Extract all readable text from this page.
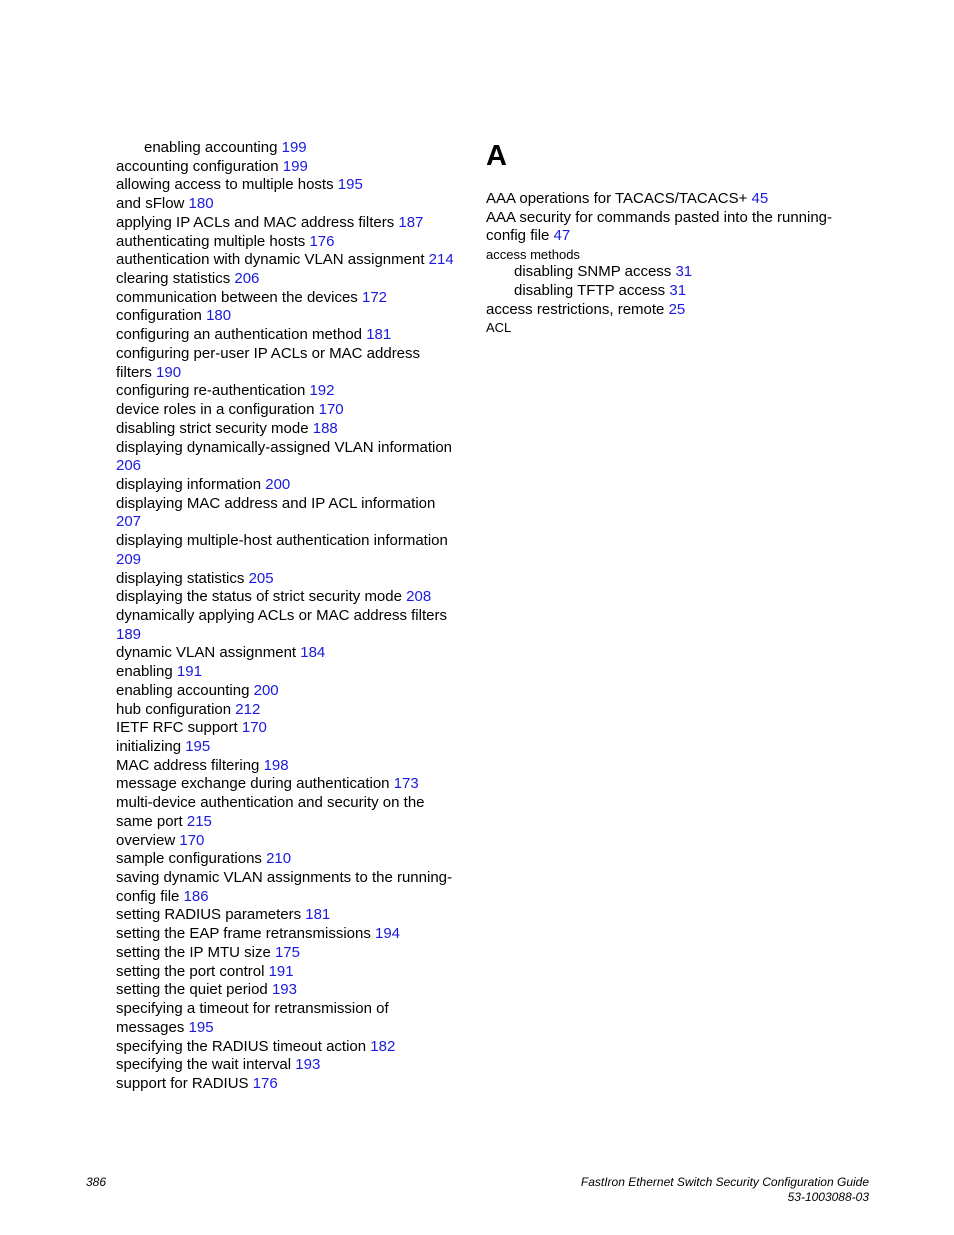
enabling accounting 199
accounting configuration 199
allowing access to multiple hosts 195
and sFlow 180
applying IP ACLs and MAC address filters 187
authenticating multiple hosts 176
authentication with dynamic VLAN assignment 214
clearing statistics 206
communication between the devices 172
configuration 180
configuring an authentication method 181
configuring per-user IP ACLs or MAC address
filters 190
configuring re-authentication 192
device roles in a configuration 170
disabling strict security mode 188
displaying dynamically-assigned VLAN information
206
displaying information 200
displaying MAC address and IP ACL information
207
displaying multiple-host authentication information
209
displaying statistics 205
displaying the status of strict security mode 208
dynamically applying ACLs or MAC address filters
189
dynamic VLAN assignment 184
enabling 191
enabling accounting 200
hub configuration 212
IETF RFC support 170
initializing 195
MAC address filtering 198
message exchange during authentication 173
multi-device authentication and security on the
same port 215
overview 170
sample configurations 210
saving dynamic VLAN assignments to the running-
config file 186
setting RADIUS parameters 181
setting the EAP frame retransmissions 194
setting the IP MTU size 175
setting the port control 191
setting the quiet period 193
specifying a timeout for retransmission of
messages 195
specifying the RADIUS timeout action 182
specifying the wait interval 193
support for RADIUS 176
A
AAA operations for TACACS/TACACS+ 45
AAA security for commands pasted into the running-
config file 47
access methods
disabling SNMP access 31
disabling TFTP access 31
access restrictions, remote 25
ACL
386	FastIron Ethernet Switch Security Configuration Guide
53-1003088-03
